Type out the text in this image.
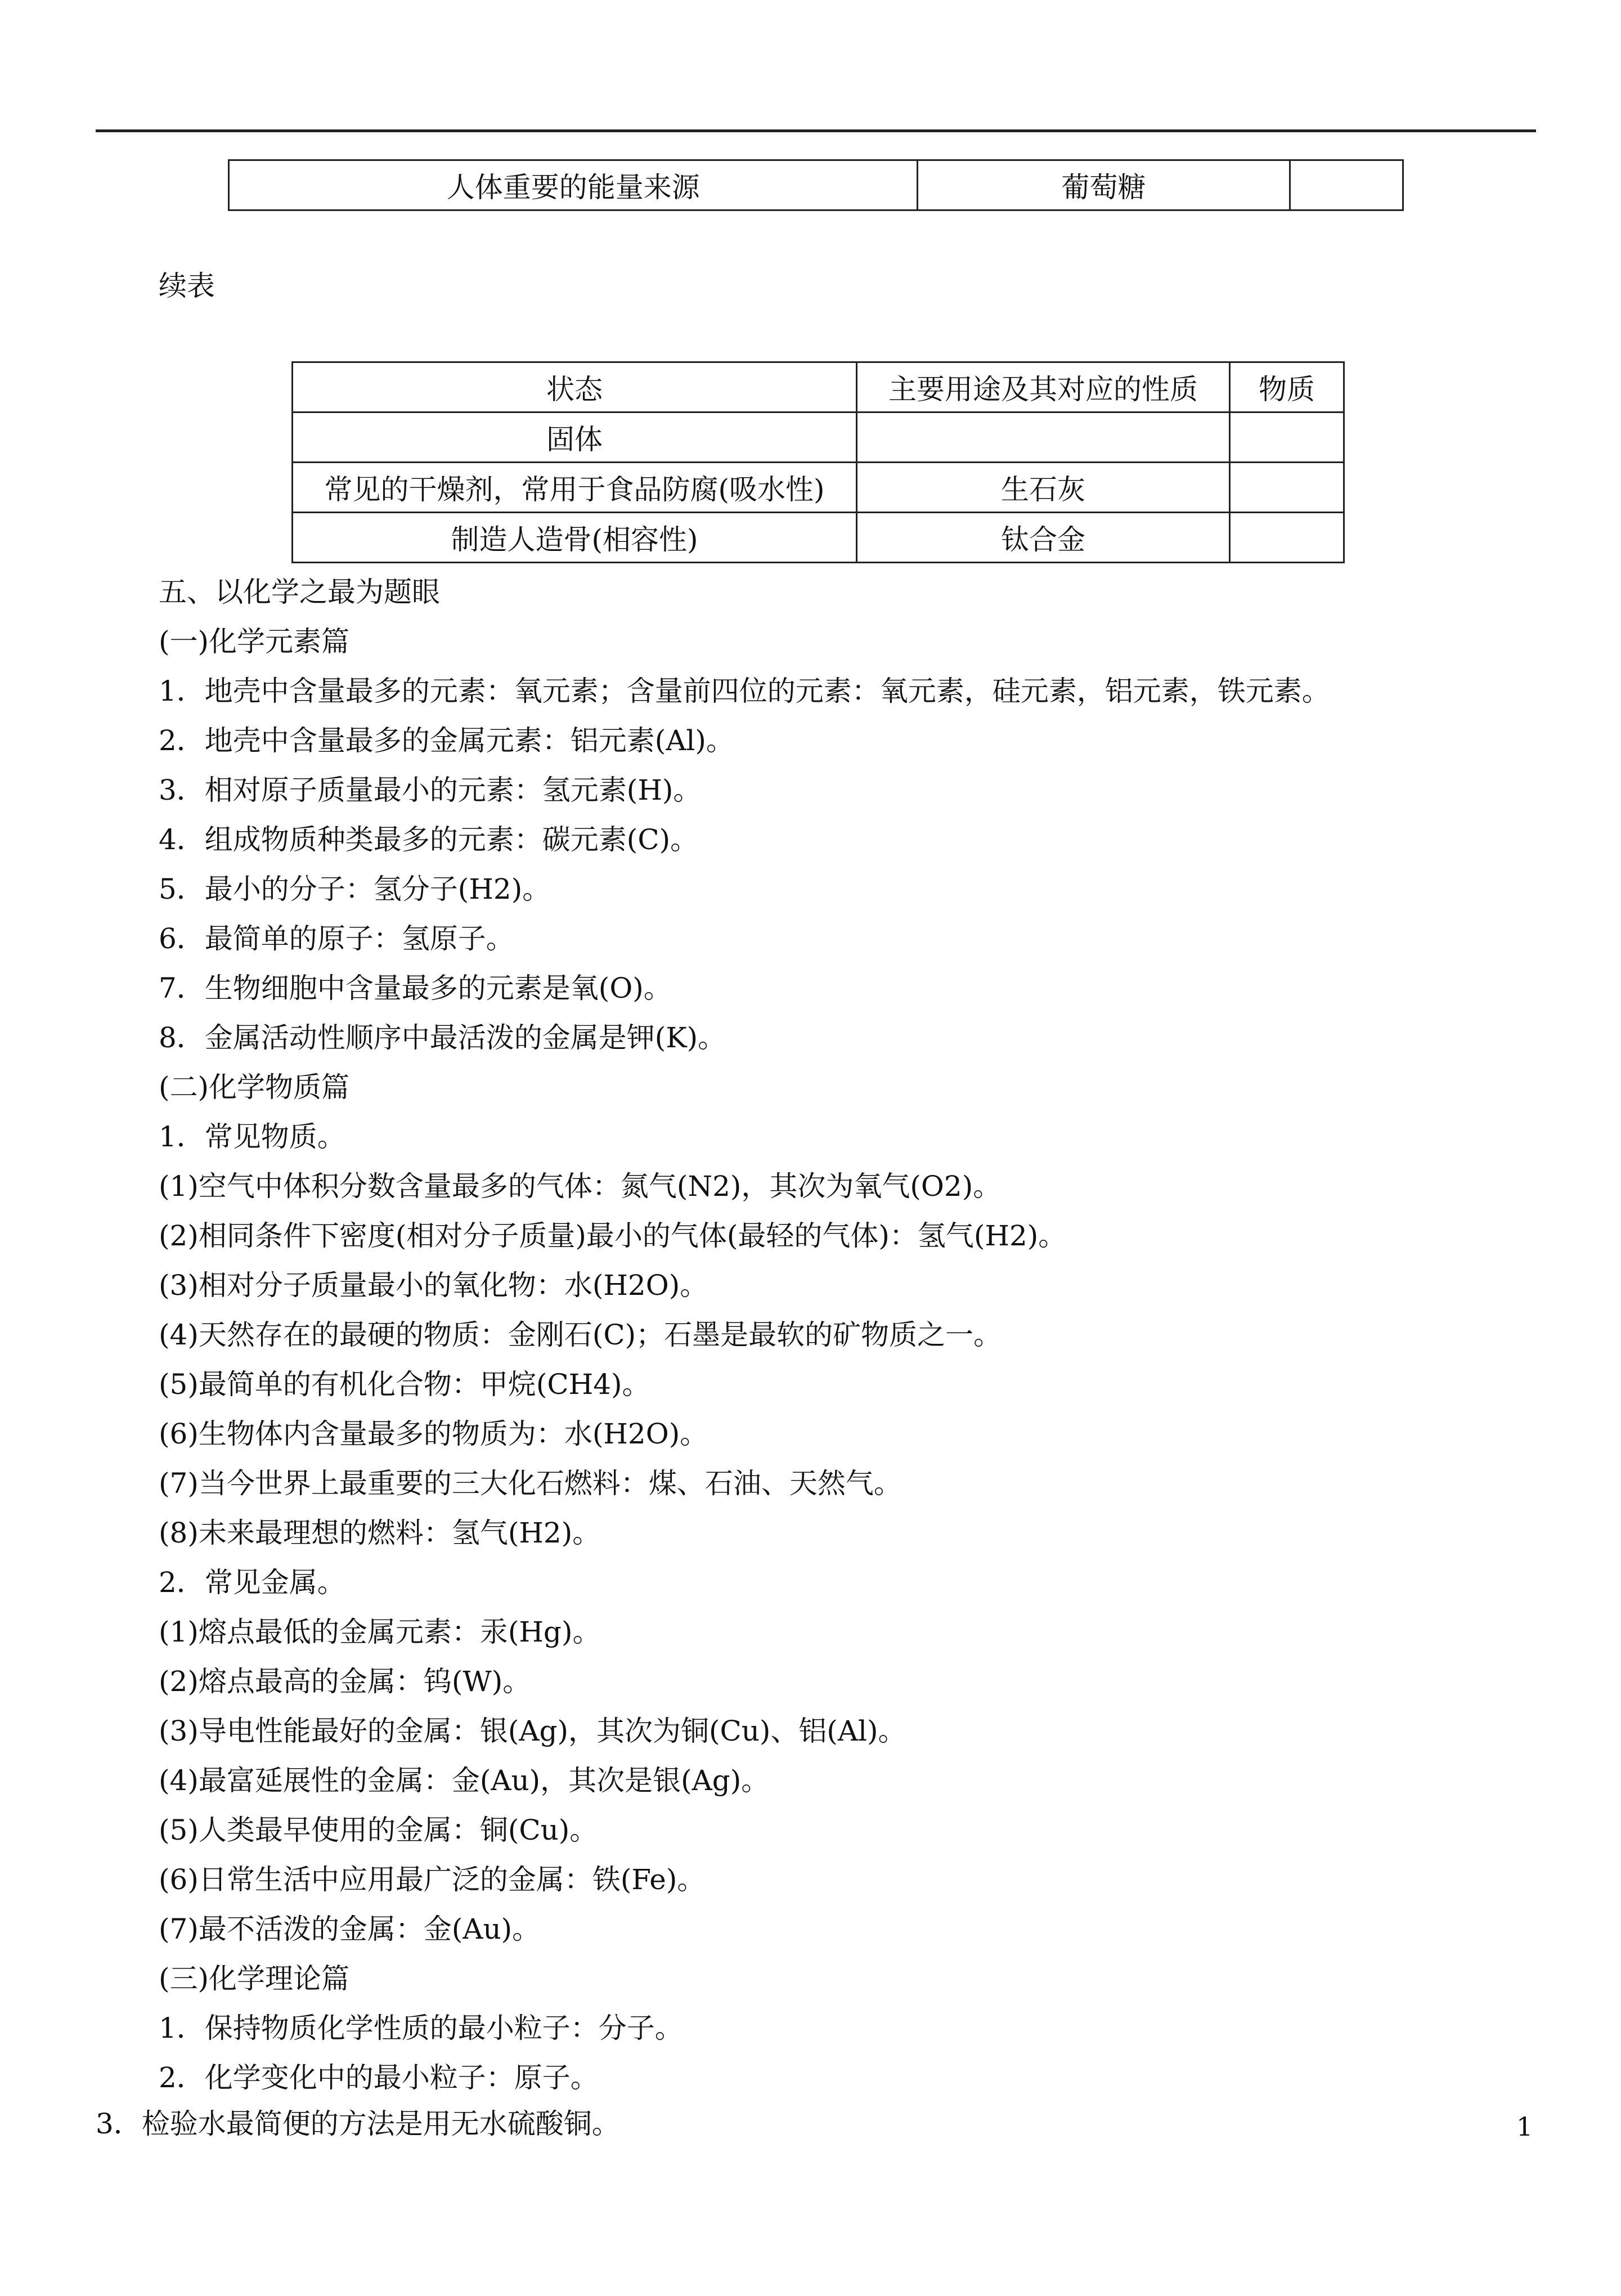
人体重要的能量来源	葡萄糖	
续表
状态	主要用途及其对应的性质	物质
固体		
常见的干燥剂，常用于食品防腐(吸水性)	生石灰	
制造人造骨(相容性)	钛合金	
五、以化学之最为题眼
(一)化学元素篇
1．地壳中含量最多的元素：氧元素；含量前四位的元素：氧元素，硅元素，铝元素，铁元素。
2．地壳中含量最多的金属元素：铝元素(Al)。
3．相对原子质量最小的元素：氢元素(H)。
4．组成物质种类最多的元素：碳元素(C)。
5．最小的分子：氢分子(H2)。
6．最简单的原子：氢原子。
7．生物细胞中含量最多的元素是氧(O)。
8．金属活动性顺序中最活泼的金属是钾(K)。
(二)化学物质篇
1．常见物质。
(1)空气中体积分数含量最多的气体：氮气(N2)，其次为氧气(O2)。
(2)相同条件下密度(相对分子质量)最小的气体(最轻的气体)：氢气(H2)。
(3)相对分子质量最小的氧化物：水(H2O)。
(4)天然存在的最硬的物质：金刚石(C)；石墨是最软的矿物质之一。
(5)最简单的有机化合物：甲烷(CH4)。
(6)生物体内含量最多的物质为：水(H2O)。
(7)当今世界上最重要的三大化石燃料：煤、石油、天然气。
(8)未来最理想的燃料：氢气(H2)。
2．常见金属。
(1)熔点最低的金属元素：汞(Hg)。
(2)熔点最高的金属：钨(W)。
(3)导电性能最好的金属：银(Ag)，其次为铜(Cu)、铝(Al)。
(4)最富延展性的金属：金(Au)，其次是银(Ag)。
(5)人类最早使用的金属：铜(Cu)。
(6)日常生活中应用最广泛的金属：铁(Fe)。
(7)最不活泼的金属：金(Au)。
(三)化学理论篇
1．保持物质化学性质的最小粒子：分子。
2．化学变化中的最小粒子：原子。
3．检验水最简便的方法是用无水硫酸铜。	1
